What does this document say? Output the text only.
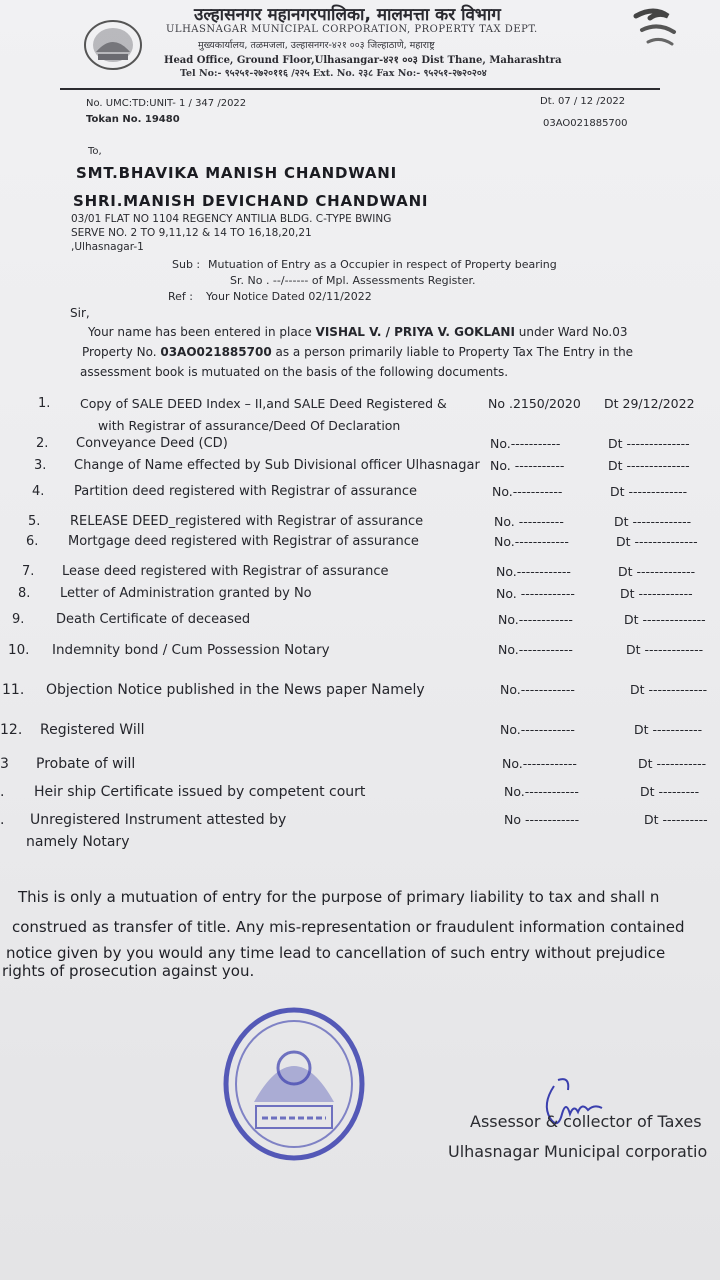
उल्हासनगर महानगरपालिका, मालमत्ता कर विभाग
ULHASNAGAR MUNICIPAL CORPORATION, PROPERTY TAX DEPT.
मुख्यकार्यालय, तळमजला, उल्हासनगर-४२१ ००३ जिल्हाठाणे, महाराष्ट्र
Head Office, Ground Floor,Ulhasangar-४२१ ००३ Dist Thane, Maharashtra
Tel No:- ९५२५१-२७२०११६ /२२५ Ext. No. २३८ Fax No:- ९५२५१-२७२०२०४
No. UMC:TD:UNIT- 1 / 347 /2022
Tokan No. 19480
Dt. 07 / 12 /2022
03AO021885700
To,
SMT.BHAVIKA MANISH CHANDWANI
SHRI.MANISH DEVICHAND CHANDWANI
03/01 FLAT NO 1104 REGENCY ANTILIA BLDG. C-TYPE BWING
SERVE NO. 2 TO 9,11,12 & 14 TO 16,18,20,21
,Ulhasnagar-1
Sub : Mutuation of Entry as a Occupier in respect of Property bearing
Sr. No . --/------ of Mpl. Assessments Register.
Ref : Your Notice Dated 02/11/2022
Sir,
Your name has been entered in place VISHAL V. / PRIYA V. GOKLANI under Ward No.03
Property No. 03AO021885700 as a person primarily liable to Property Tax The Entry in the
assessment book is mutuated on the basis of the following documents.
1. Copy of SALE DEED Index – II,and SALE Deed Registered &
with Registrar of assurance/Deed Of Declaration
No .2150/2020 Dt 29/12/2022
2. Conveyance Deed (CD)	No.-----------	Dt --------------
3. Change of Name effected by Sub Divisional officer Ulhasnagar No. -----------	Dt --------------
4. Partition deed registered with Registrar of assurance	No.-----------	Dt -------------
5. RELEASE DEED_registered with Registrar of assurance	No. ----------	Dt -------------
6. Mortgage deed registered with Registrar of assurance	No.------------	Dt --------------
7. Lease deed registered with Registrar of assurance	No.------------	Dt -------------
8. Letter of Administration granted by No	No. ------------	Dt ------------
9. Death Certificate of deceased	No.------------	Dt --------------
10. Indemnity bond / Cum Possession Notary	No.------------	Dt -------------
11. Objection Notice published in the News paper Namely	No.------------	Dt -------------
12. Registered Will	No.------------	Dt -----------
3 Probate of will	No.------------	Dt -----------
. Heir ship Certificate issued by competent court	No.------------	Dt ---------
. Unregistered Instrument attested by
namely Notary
No ------------	Dt ----------
This is only a mutuation of entry for the purpose of primary liability to tax and shall n
construed as transfer of title. Any mis-representation or fraudulent information contained
notice given by you would any time lead to cancellation of such entry without prejudice
rights of prosecution against you.
Assessor & collector of Taxes
Ulhasnagar Municipal corporatio
